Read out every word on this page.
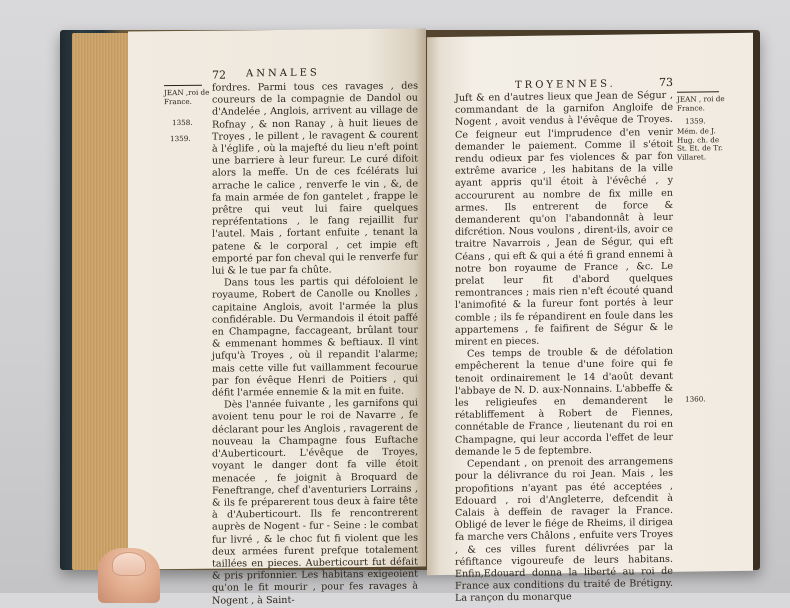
72 ANNALES
JEAN ,roi de France.
1358.
1359.

fordres. Parmi tous ces ravages , des coureurs de la compagnie de Dandol ou d'Andelée , Anglois, arrivent au village de Rofnay , & non Ranay , à huit lieues de Troyes , le pillent , le ravagent & courent à l'églife , où la majefté du lieu n'eft point une barriere à leur fureur. Le curé difoit alors la meffe. Un de ces fcélérats lui arrache le calice , renverfe le vin , &, de fa main armée de fon gantelet , frappe le prêtre qui veut lui faire quelques repréfentations , le fang rejaillit fur l'autel. Mais , fortant enfuite , tenant la patene & le corporal , cet impie eft emporté par fon cheval qui le renverfe fur lui & le tue par fa chûte.

Dans tous les partis qui défoloient le royaume, Robert de Canolle ou Knolles , capitaine Anglois, avoit l'armée la plus confidérable. Du Vermandois il étoit paffé en Champagne, faccageant, brûlant tour & emmenant hommes & beftiaux. Il vint jufqu'à Troyes , où il repandit l'alarme; mais cette ville fut vaillamment fecourue par fon évêque Henri de Poitiers , qui défit l'armée ennemie & la mit en fuite.

Dès l'année fuivante , les garnifons qui avoient tenu pour le roi de Navarre , fe déclarant pour les Anglois , ravagerent de nouveau la Champagne fous Euftache d'Auberticourt. L'évêque de Troyes, voyant le danger dont fa ville étoit menacée , fe joignit à Broquard de Feneftrange, chef d'aventuriers Lorrains , & ils fe préparerent tous deux à faire tête à d'Auberticourt. Ils fe rencontrerent auprès de Nogent - fur - Seine : le combat fur livré , & le choc fut fi violent que les deux armées furent prefque totalement taillées en pieces. Auberticourt fut défait & pris prifonnier. Les habitans exigeoient qu'on le fit mourir , pour fes ravages à Nogent , à Saint-

TROYENNES.	73
JEAN , roi de France.
1359.
Mém. de J. Hug. ch. de St. Et. de Tr. Villaret.
1360.

Juft & en d'autres lieux que Jean de Ségur , commandant de la garnifon Angloife de Nogent , avoit vendus à l'évêque de Troyes. Ce feigneur eut l'imprudence d'en venir demander le paiement. Comme il s'étoit rendu odieux par fes violences & par fon extrême avarice , les habitans de la ville ayant appris qu'il étoit à l'évêché , y accoururent au nombre de fix mille en armes. Ils entrerent de force & demanderent qu'on l'abandonnât à leur difcrétion. Nous voulons , dirent-ils, avoir ce traitre Navarrois , Jean de Ségur, qui eft Céans , qui eft & qui a été fi grand ennemi à notre bon royaume de France , &c. Le prelat leur fit d'abord quelques remontrances ; mais rien n'eft écouté quand l'animofité & la fureur font portés à leur comble ; ils fe répandirent en foule dans les appartemens , fe faifirent de Ségur & le mirent en pieces.

Ces temps de trouble & de défolation empêcherent la tenue d'une foire qui fe tenoit ordinairement le 14 d'août devant l'abbaye de N. D. aux-Nonnains. L'abbeffe & les religieufes en demanderent le rétabliffement à Robert de Fiennes, connétable de France , lieutenant du roi en Champagne, qui leur accorda l'effet de leur demande le 5 de feptembre.

Cependant , on prenoit des arrangemens pour la délivrance du roi Jean. Mais , les propofitions n'ayant pas été acceptées , Edouard , roi d'Angleterre, defcendit à Calais à deffein de ravager la France. Obligé de lever le fiége de Rheims, il dirigea fa marche vers Châlons , enfuite vers Troyes , & ces villes furent délivrées par la réfiftance vigoureufe de leurs habitans. Enfin,Edouard donna la liberté au roi de France aux conditions du traité de Brétigny. La rançon du monarque
